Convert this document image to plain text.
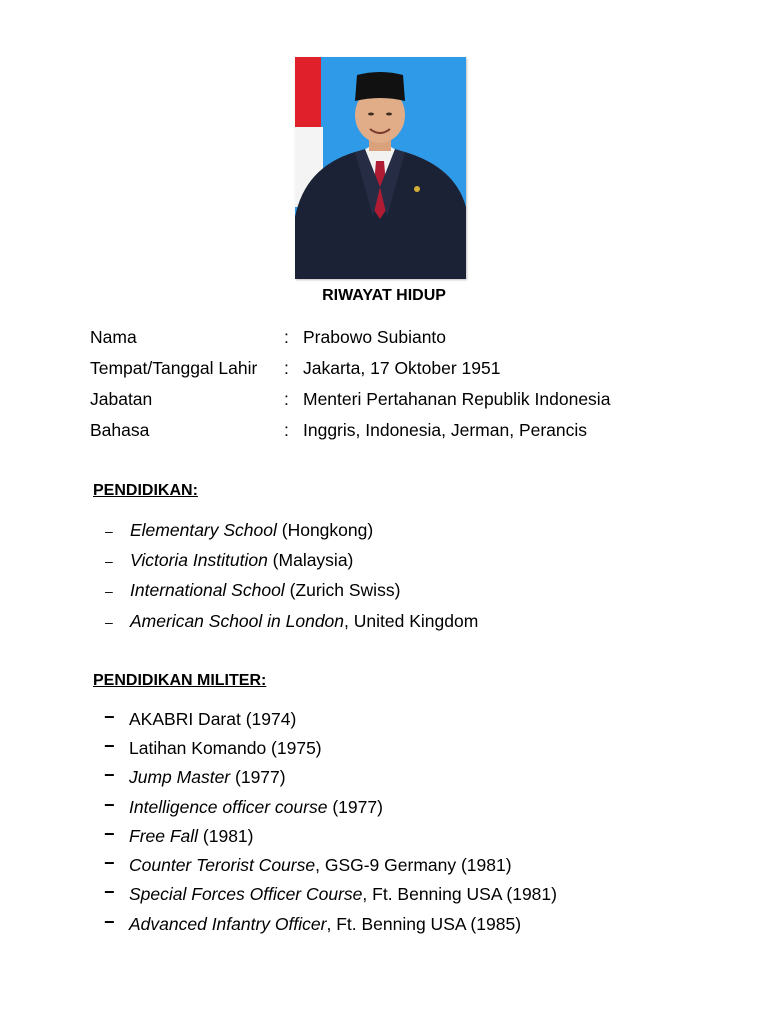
RIWAYAT HIDUP
Nama	: Prabowo Subianto
Tempat/Tanggal Lahir	: Jakarta, 17 Oktober 1951
Jabatan	: Menteri Pertahanan Republik Indonesia
Bahasa	: Inggris, Indonesia, Jerman, Perancis
PENDIDIKAN:
– Elementary School (Hongkong)
– Victoria Institution (Malaysia)
– International School (Zurich Swiss)
– American School in London, United Kingdom
PENDIDIKAN MILITER:
− AKABRI Darat (1974)
− Latihan Komando (1975)
− Jump Master (1977)
− Intelligence officer course (1977)
− Free Fall (1981)
− Counter Terorist Course, GSG-9 Germany (1981)
− Special Forces Officer Course, Ft. Benning USA (1981)
− Advanced Infantry Officer, Ft. Benning USA (1985)
